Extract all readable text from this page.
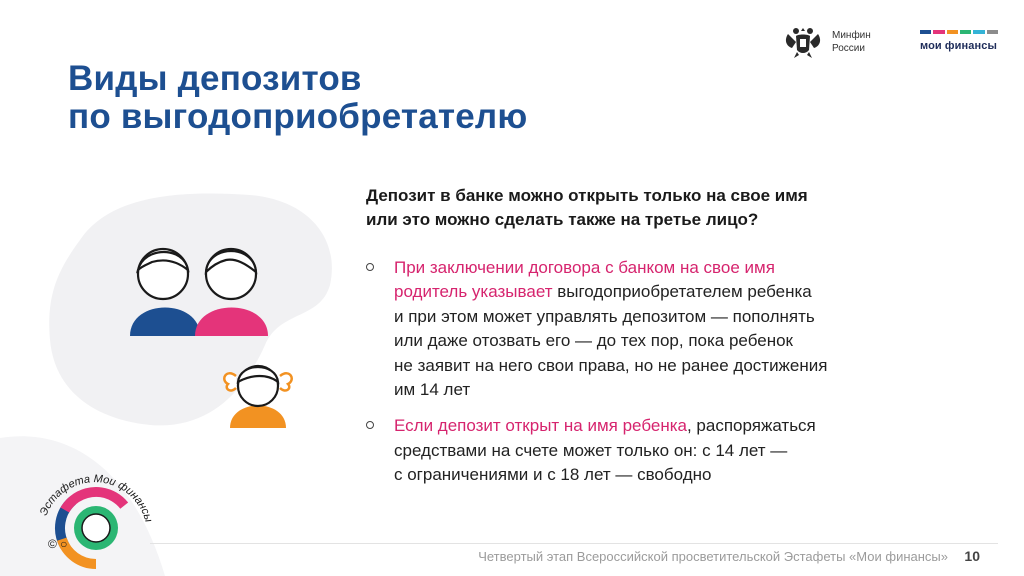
Минфин
России	мои финансы
Виды депозитов
по выгодоприобретателю
Эстафета Мои финансы
© ○

Депозит в банке можно открыть только на свое имя
или это можно сделать также на третье лицо?

При заключении договора с банком на свое имя
родитель указывает выгодоприобретателем ребенка
и при этом может управлять депозитом — пополнять
или даже отозвать его — до тех пор, пока ребенок
не заявит на него свои права, но не ранее достижения
им 14 лет
Если депозит открыт на имя ребенка, распоряжаться
средствами на счете может только он: с 14 лет —
с ограничениями и с 18 лет — свободно
Четвертый этап Всероссийской просветительской Эстафеты «Мои финансы» 10
